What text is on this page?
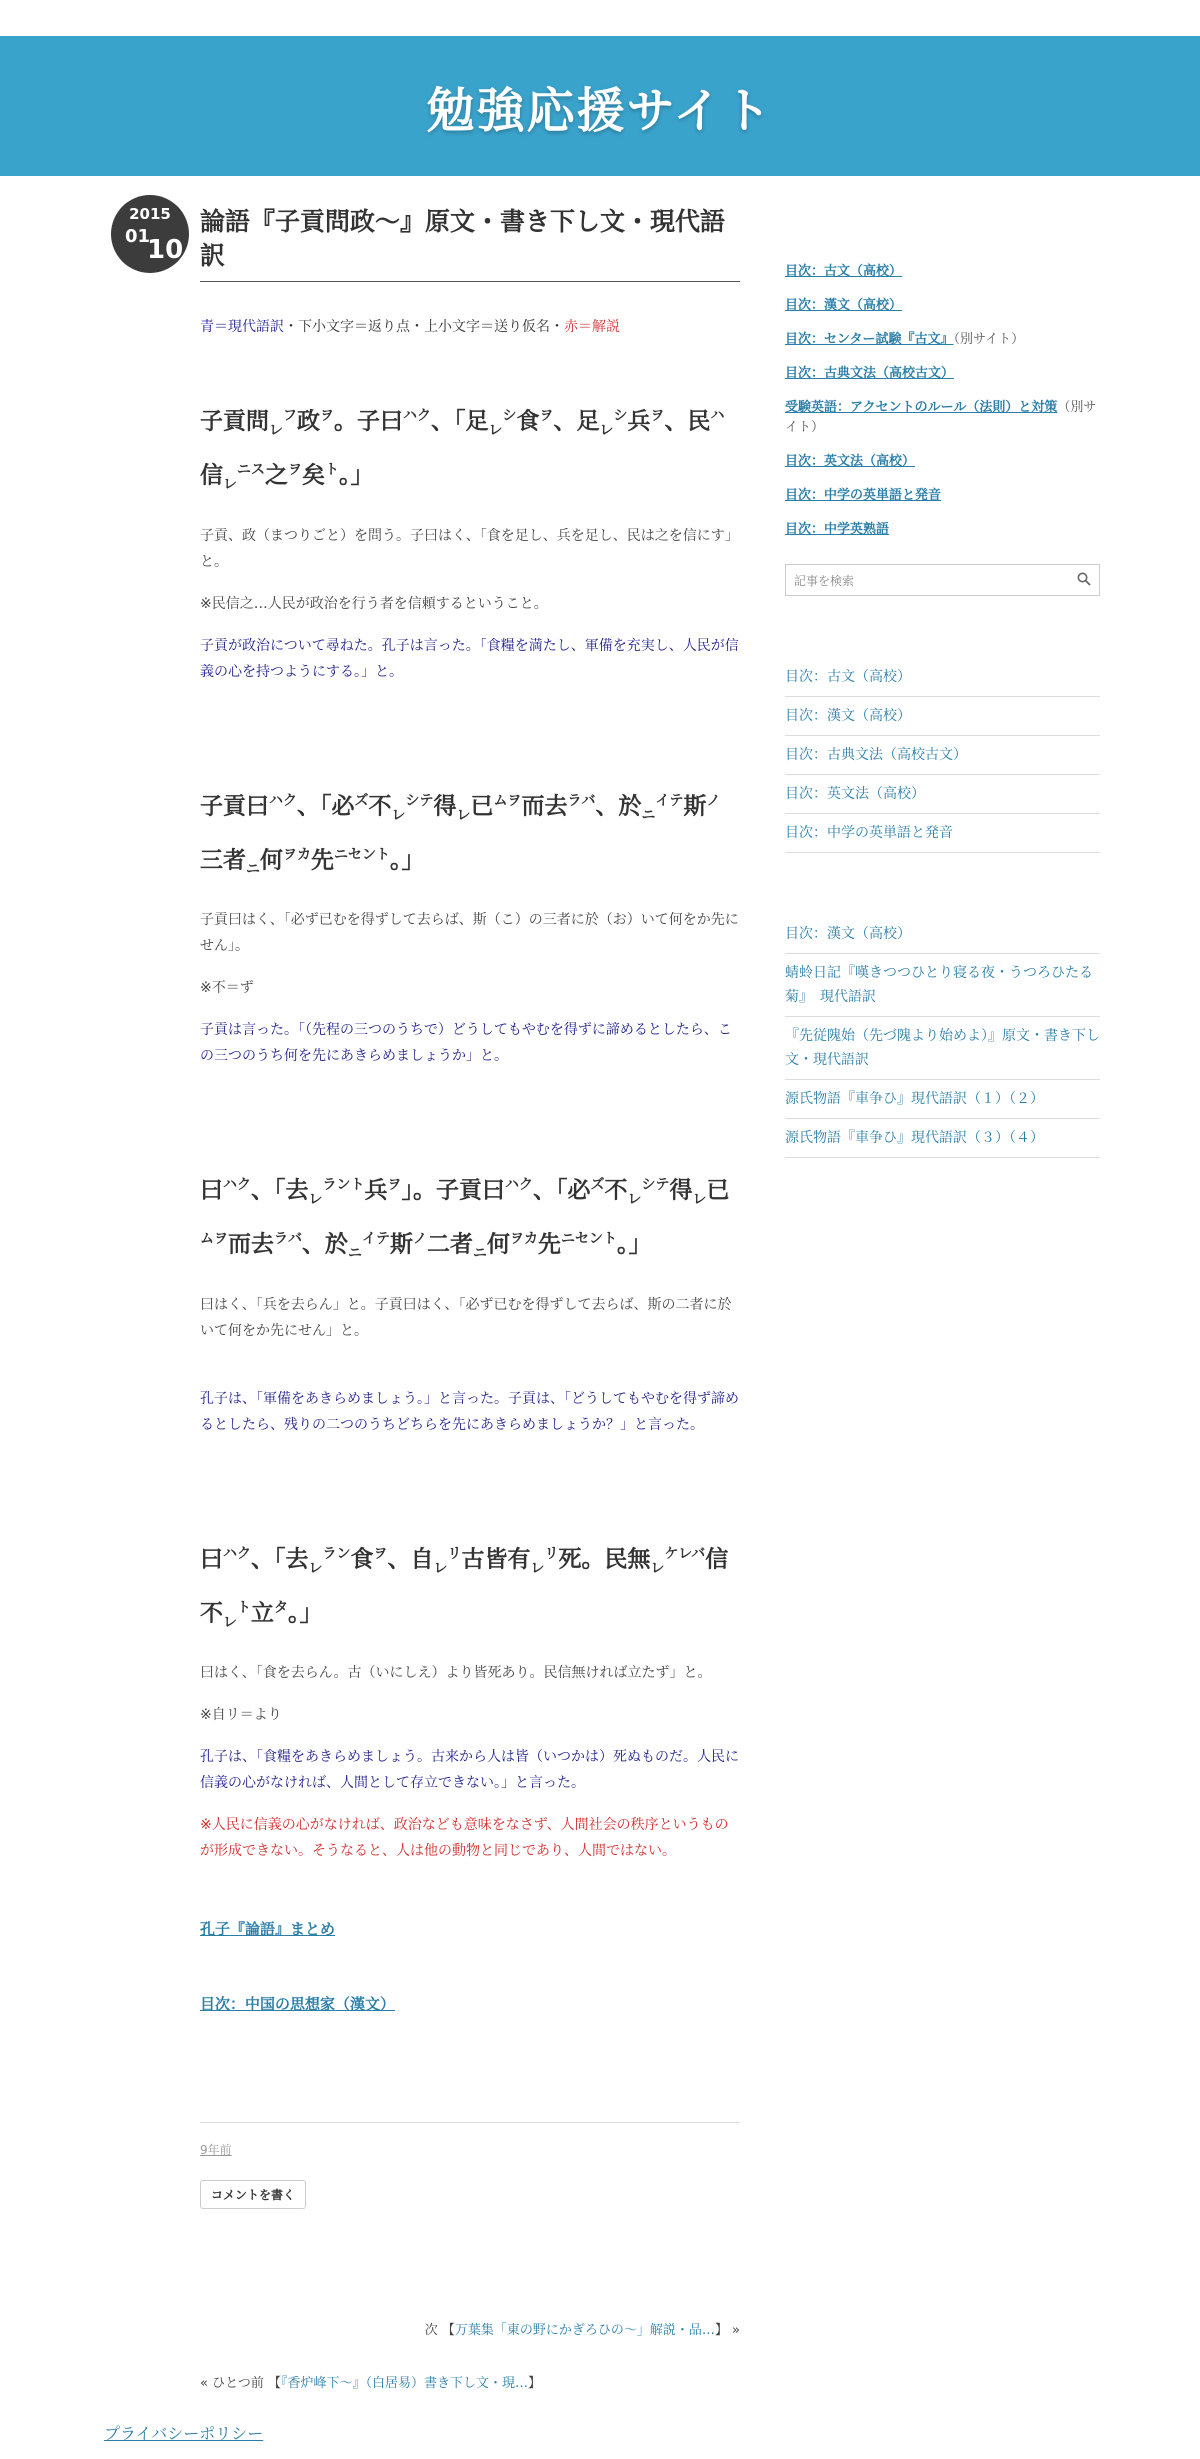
勉強応援サイト
2015
01
10
論語『子貢問政〜』原文・書き下し文・現代語訳
青＝現代語訳・下小文字＝返り点・上小文字＝送り仮名・赤＝解説
子貢問$_レ^フ$政$^ヲ$。子曰$^{ハク}$、「足$_レ^シ$食$^ヲ$、足$_レ^シ$兵$^ヲ$、民$^ハ$信$_レ^{ニス}$之$^ヲ$矣$^ト$。」

子貢、政（まつりごと）を問う。子曰はく、「食を足し、兵を足し、民は之を信にす」と。

※民信之…人民が政治を行う者を信頼するということ。

子貢が政治について尋ねた。孔子は言った。「食糧を満たし、軍備を充実し、人民が信義の心を持つようにする。」と。

子貢曰$^{ハク}$、「必$^ズ$不$_レ^{シテ}$得$_レ$已$^{ムヲ}$而去$^{ラバ}$、於$_ニ^{イテ}$斯$^ノ$三者$_ニ$何$^{ヲカ}$先$^{ニセント}$。」

子貢曰はく、「必ず已むを得ずして去らば、斯（こ）の三者に於（お）いて何をか先にせん」。

※不＝ず

子貢は言った。「（先程の三つのうちで）どうしてもやむを得ずに諦めるとしたら、この三つのうち何を先にあきらめましょうか」と。

曰$^{ハク}$、「去$_レ^{ラント}$兵$^ヲ$」。子貢曰$^{ハク}$、「必$^ズ$不$_レ^{シテ}$得$_レ$已$^{ムヲ}$而去$^{ラバ}$、於$_ニ^{イテ}$斯$^ノ$二者$_ニ$何$^{ヲカ}$先$^{ニセント}$。」

曰はく、「兵を去らん」と。子貢曰はく、「必ず已むを得ずして去らば、斯の二者に於いて何をか先にせん」と。

孔子は、「軍備をあきらめましょう。」と言った。子貢は、「どうしてもやむを得ず諦めるとしたら、残りの二つのうちどちらを先にあきらめましょうか？」と言った。

曰$^{ハク}$、「去$_レ^{ラン}$食$^ヲ$、自$_レ^リ$古皆有$_レ^リ$死。民無$_レ^{ケレバ}$信不$_レ^ト$立$^タ$。」

曰はく、「食を去らん。古（いにしえ）より皆死あり。民信無ければ立たず」と。

※自リ＝より

孔子は、「食糧をあきらめましょう。古来から人は皆（いつかは）死ぬものだ。人民に信義の心がなければ、人間として存立できない。」と言った。

※人民に信義の心がなければ、政治なども意味をなさず、人間社会の秩序というものが形成できない。そうなると、人は他の動物と同じであり、人間ではない。

孔子『論語』まとめ
目次：中国の思想家（漢文）
9年前
コメントを書く
次 【万葉集「東の野にかぎろひの〜」解説・品…】 »
« ひとつ前 【『香炉峰下〜』（白居易）書き下し文・現…】
目次：古文（高校）
目次：漢文（高校）
目次：センター試験『古文』（別サイト）
目次：古典文法（高校古文）
受験英語：アクセントのルール（法則）と対策（別サイト）
目次：英文法（高校）
目次：中学の英単語と発音
目次：中学英熟語
記事を検索
目次：古文（高校）
目次：漢文（高校）
目次：古典文法（高校古文）
目次：英文法（高校）
目次：中学の英単語と発音
目次：漢文（高校）
蜻蛉日記『嘆きつつひとり寝る夜・うつろひたる菊』　現代語訳
『先従隗始（先づ隗より始めよ）』原文・書き下し文・現代語訳
源氏物語『車争ひ』現代語訳（１）（２）
源氏物語『車争ひ』現代語訳（３）（４）
プライバシーポリシー
